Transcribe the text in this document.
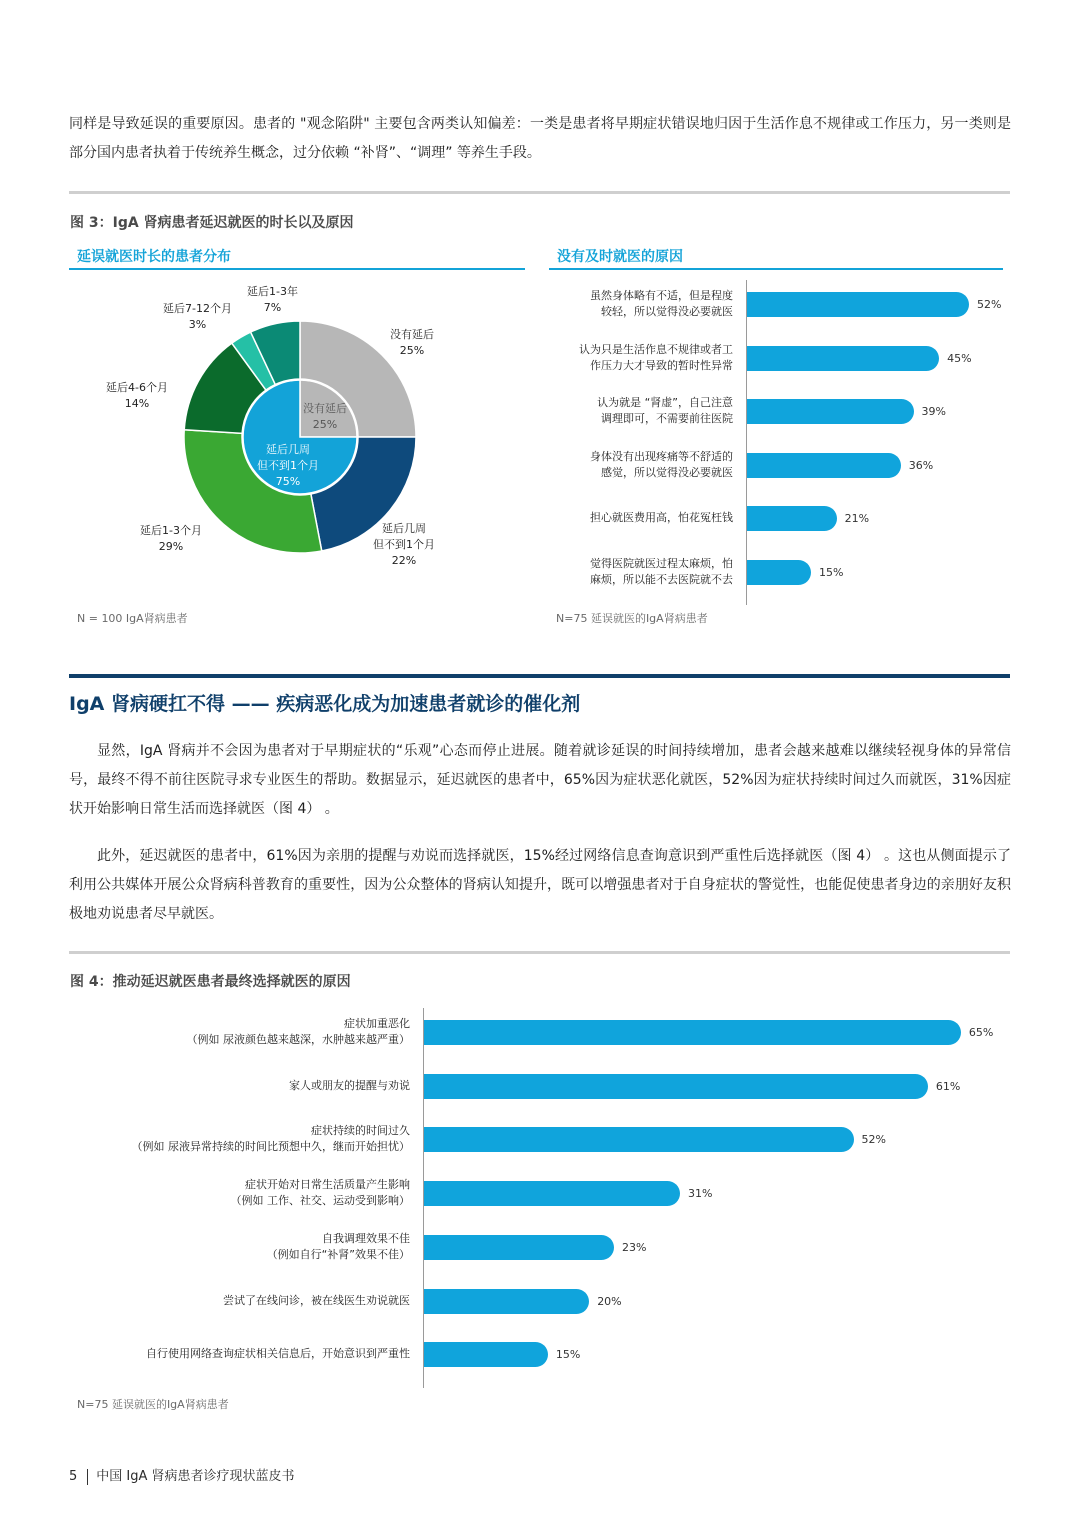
同样是导致延误的重要原因。患者的 "观念陷阱" 主要包含两类认知偏差：一类是患者将早期症状错误地归因于生活作息不规律或工作压力，另一类则是部分国内患者执着于传统养生概念，过分依赖 “补肾”、“调理” 等养生手段。
图 3：IgA 肾病患者延迟就医的时长以及原因
延误就医时长的患者分布	没有及时就医的原因
没有延后
25%
延后几周
但不到1个月
22%
延后1-3个月
29%
延后4-6个月
14%
延后7-12个月
3%
延后1-3年
7%
没有延后
25%
延后几周
但不到1个月
75%
虽然身体略有不适，但是程度
较轻，所以觉得没必要就医
52%
认为只是生活作息不规律或者工
作压力大才导致的暂时性异常
45%
认为就是 “肾虚”，自己注意
调理即可，不需要前往医院
39%
身体没有出现疼痛等不舒适的
感觉，所以觉得没必要就医
36%
担心就医费用高，怕花冤枉钱	21%
觉得医院就医过程太麻烦，怕
麻烦，所以能不去医院就不去
15%
N = 100 IgA肾病患者	N=75 延误就医的IgA肾病患者
IgA 肾病硬扛不得 —— 疾病恶化成为加速患者就诊的催化剂
显然，IgA 肾病并不会因为患者对于早期症状的“乐观”心态而停止进展。随着就诊延误的时间持续增加，患者会越来越难以继续轻视身体的异常信号，最终不得不前往医院寻求专业医生的帮助。数据显示，延迟就医的患者中，65%因为症状恶化就医，52%因为症状持续时间过久而就医，31%因症状开始影响日常生活而选择就医（图 4） 。
此外，延迟就医的患者中，61%因为亲朋的提醒与劝说而选择就医，15%经过网络信息查询意识到严重性后选择就医（图 4） 。这也从侧面提示了利用公共媒体开展公众肾病科普教育的重要性，因为公众整体的肾病认知提升，既可以增强患者对于自身症状的警觉性，也能促使患者身边的亲朋好友积极地劝说患者尽早就医。
图 4：推动延迟就医患者最终选择就医的原因
症状加重恶化
（例如 尿液颜色越来越深，水肿越来越严重）
65%
家人或朋友的提醒与劝说	61%
症状持续的时间过久
（例如 尿液异常持续的时间比预想中久，继而开始担忧）
52%
症状开始对日常生活质量产生影响
（例如 工作、社交、运动受到影响）
31%
自我调理效果不佳
（例如自行“补肾”效果不佳）
23%
尝试了在线问诊，被在线医生劝说就医	20%
自行使用网络查询症状相关信息后，开始意识到严重性	15%
N=75 延误就医的IgA肾病患者
5 中国 IgA 肾病患者诊疗现状蓝皮书
